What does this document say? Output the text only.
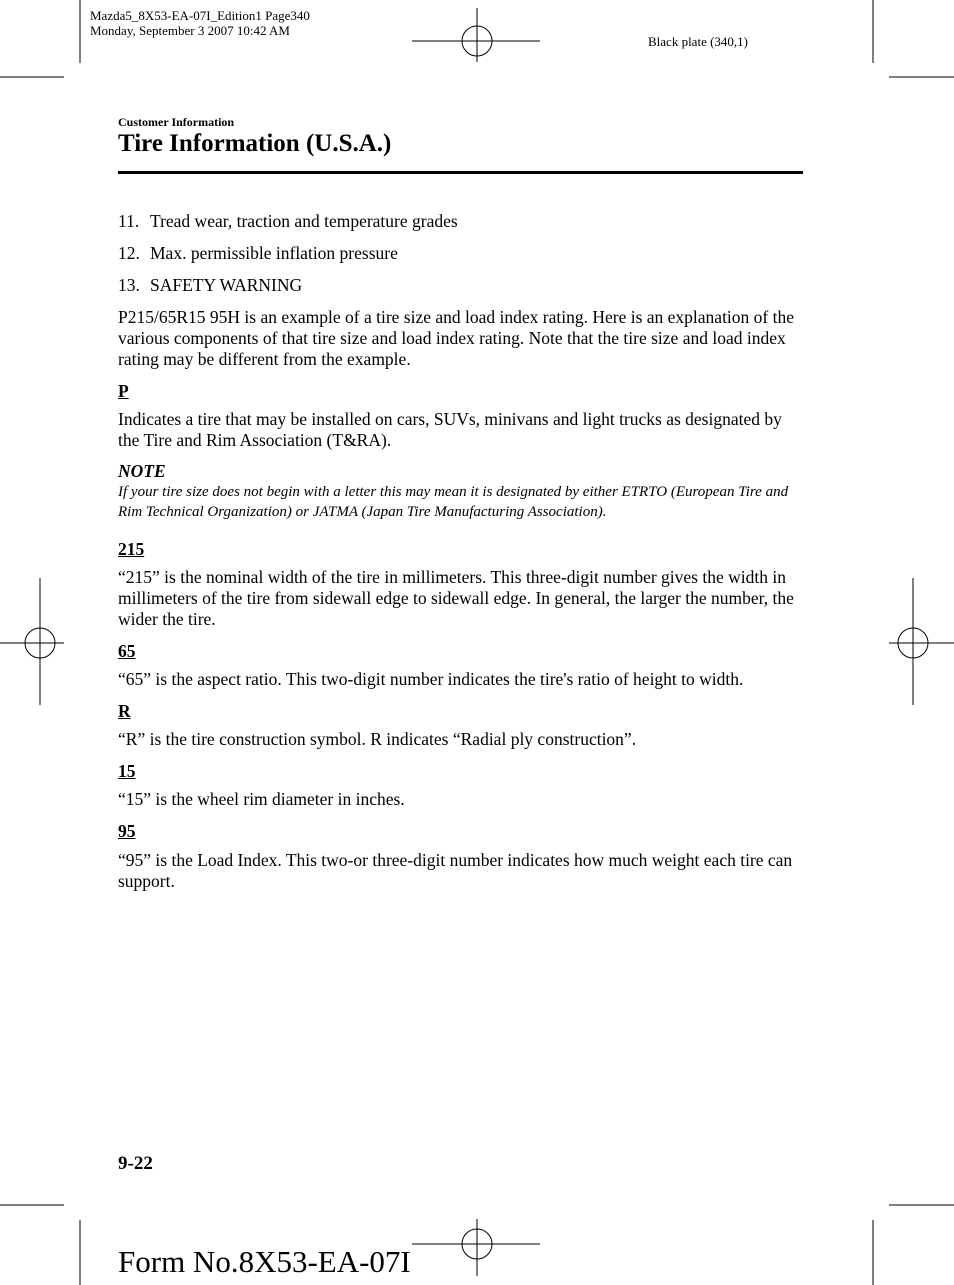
Mazda5_8X53-EA-07I_Edition1 Page340
Monday, September 3 2007 10:42 AM
Black plate (340,1)
Customer Information
Tire Information (U.S.A.)
11. Tread wear, traction and temperature grades
12. Max. permissible inflation pressure
13. SAFETY WARNING

P215/65R15 95H is an example of a tire size and load index rating. Here is an explanation of the various components of that tire size and load index rating. Note that the tire size and load index rating may be different from the example.

P

Indicates a tire that may be installed on cars, SUVs, minivans and light trucks as designated by the Tire and Rim Association (T&RA).

NOTE

If your tire size does not begin with a letter this may mean it is designated by either ETRTO (European Tire and Rim Technical Organization) or JATMA (Japan Tire Manufacturing Association).

215

“215” is the nominal width of the tire in millimeters. This three-digit number gives the width in millimeters of the tire from sidewall edge to sidewall edge. In general, the larger the number, the wider the tire.

65

“65” is the aspect ratio. This two-digit number indicates the tire's ratio of height to width.

R

“R” is the tire construction symbol. R indicates “Radial ply construction”.

15

“15” is the wheel rim diameter in inches.

95

“95” is the Load Index. This two-or three-digit number indicates how much weight each tire can support.

9-22
Form No.8X53-EA-07I
